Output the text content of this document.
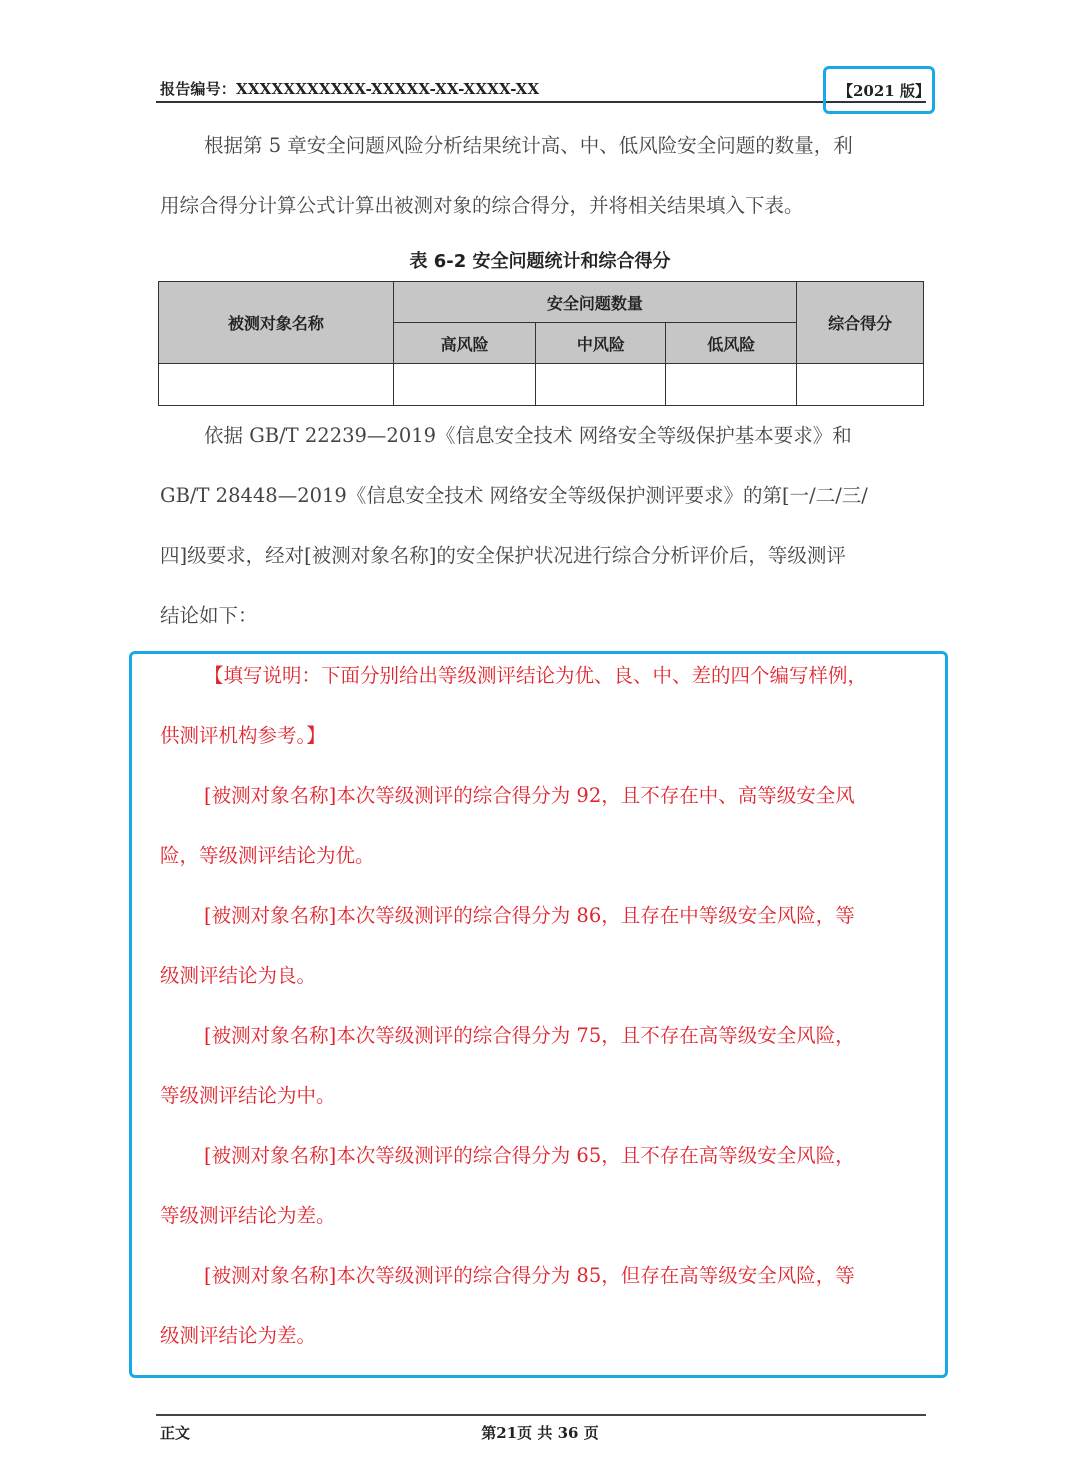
报告编号：XXXXXXXXXXX-XXXXX-XX-XXXX-XX	【2021 版】
根据第 5 章安全问题风险分析结果统计高、中、低风险安全问题的数量，利
用综合得分计算公式计算出被测对象的综合得分，并将相关结果填入下表。
表 6-2 安全问题统计和综合得分
被测对象名称	安全问题数量			综合得分
	高风险	中风险	低风险	

依据 GB/T 22239—2019《信息安全技术 网络安全等级保护基本要求》和
GB/T 28448—2019《信息安全技术 网络安全等级保护测评要求》的第[一/二/三/
四]级要求，经对[被测对象名称]的安全保护状况进行综合分析评价后，等级测评
结论如下：
【填写说明：下面分别给出等级测评结论为优、良、中、差的四个编写样例，
供测评机构参考。】
[被测对象名称]本次等级测评的综合得分为 92，且不存在中、高等级安全风
险，等级测评结论为优。
[被测对象名称]本次等级测评的综合得分为 86，且存在中等级安全风险，等
级测评结论为良。
[被测对象名称]本次等级测评的综合得分为 75，且不存在高等级安全风险，
等级测评结论为中。
[被测对象名称]本次等级测评的综合得分为 65，且不存在高等级安全风险，
等级测评结论为差。
[被测对象名称]本次等级测评的综合得分为 85，但存在高等级安全风险，等
级测评结论为差。
正文	第21页 共 36 页
